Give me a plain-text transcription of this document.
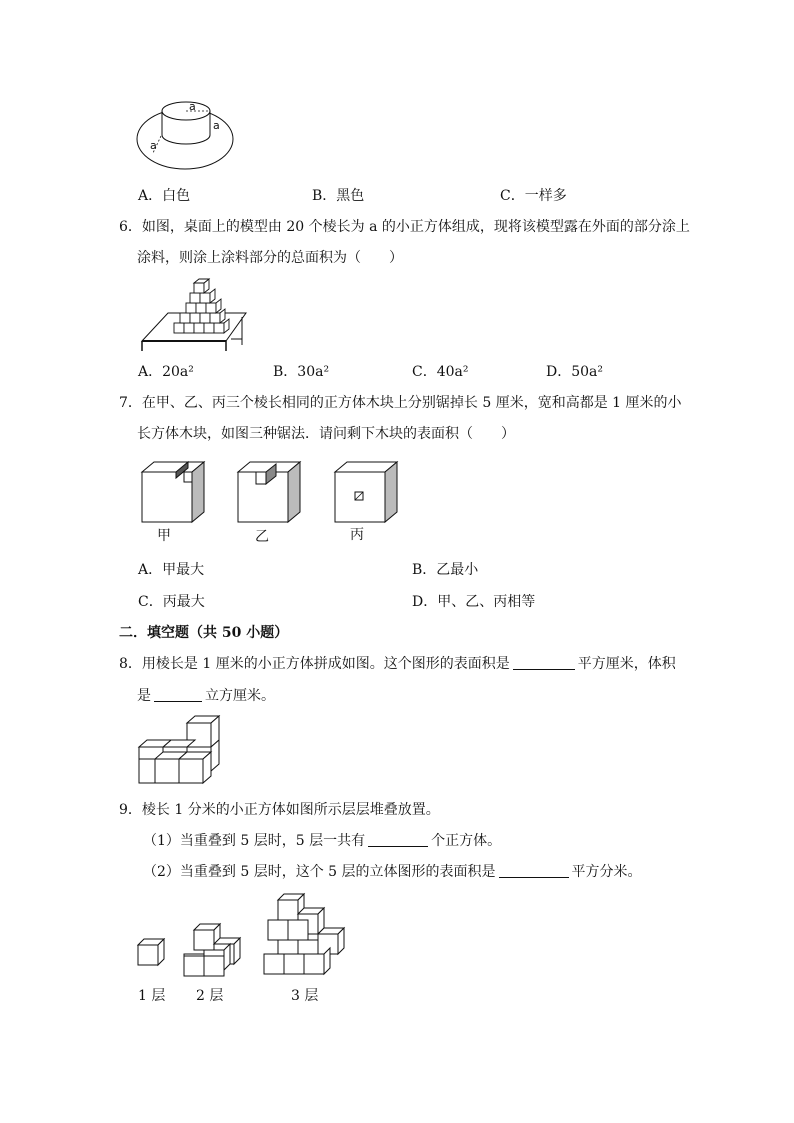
a
a
a
A．白色	B．黑色	C．一样多
6．如图，桌面上的模型由 20 个棱长为 a 的小正方体组成，现将该模型露在外面的部分涂上
涂料，则涂上涂料部分的总面积为（　　）
A．20a²	B．30a²	C．40a²	D．50a²
7．在甲、乙、丙三个棱长相同的正方体木块上分别锯掉长 5 厘米，宽和高都是 1 厘米的小
长方体木块，如图三种锯法．请问剩下木块的表面积（　　）
甲	乙	丙
A．甲最大	B．乙最小
C．丙最大	D．甲、乙、丙相等
二．填空题（共 50 小题）
8．用棱长是 1 厘米的小正方体拼成如图。这个图形的表面积是	平方厘米，体积
是	立方厘米。
9．棱长 1 分米的小正方体如图所示层层堆叠放置。
（1）当重叠到 5 层时，5 层一共有	个正方体。
（2）当重叠到 5 层时，这个 5 层的立体图形的表面积是	平方分米。
1 层 2 层	3 层
